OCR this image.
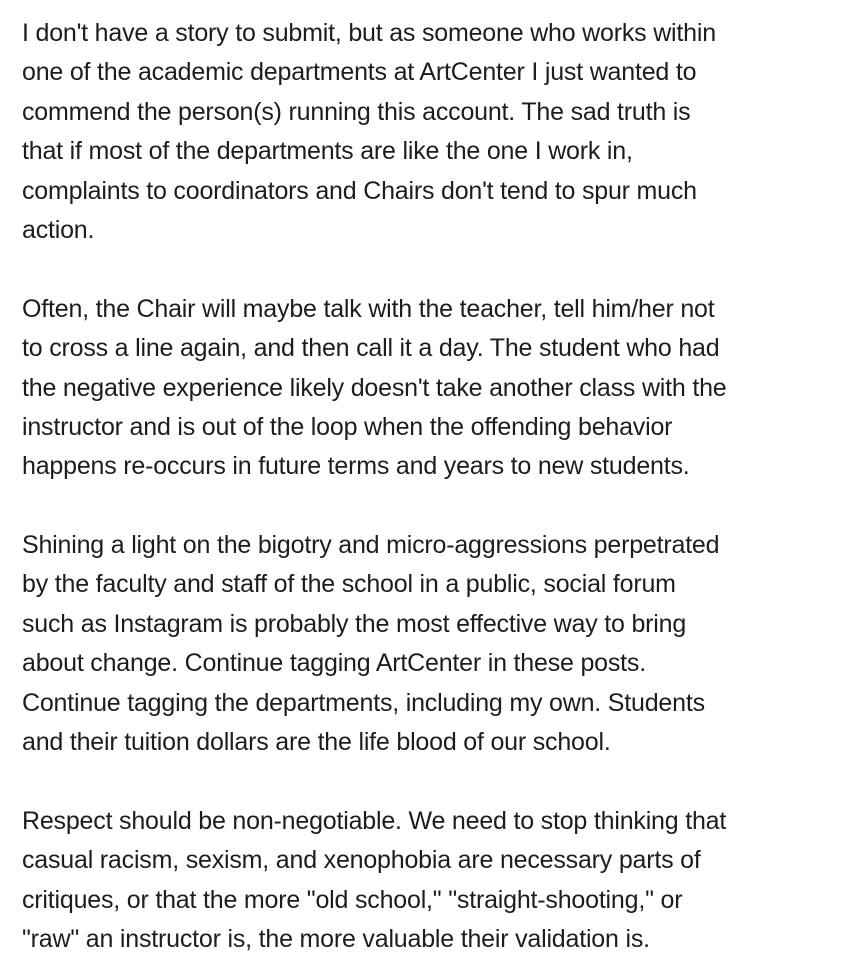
I don't have a story to submit, but as someone who works within
one of the academic departments at ArtCenter I just wanted to
commend the person(s) running this account. The sad truth is
that if most of the departments are like the one I work in,
complaints to coordinators and Chairs don't tend to spur much
action.

Often, the Chair will maybe talk with the teacher, tell him/her not
to cross a line again, and then call it a day. The student who had
the negative experience likely doesn't take another class with the
instructor and is out of the loop when the offending behavior
happens re-occurs in future terms and years to new students.

Shining a light on the bigotry and micro-aggressions perpetrated
by the faculty and staff of the school in a public, social forum
such as Instagram is probably the most effective way to bring
about change. Continue tagging ArtCenter in these posts.
Continue tagging the departments, including my own. Students
and their tuition dollars are the life blood of our school.

Respect should be non-negotiable. We need to stop thinking that
casual racism, sexism, and xenophobia are necessary parts of
critiques, or that the more "old school," "straight-shooting," or
"raw" an instructor is, the more valuable their validation is.
